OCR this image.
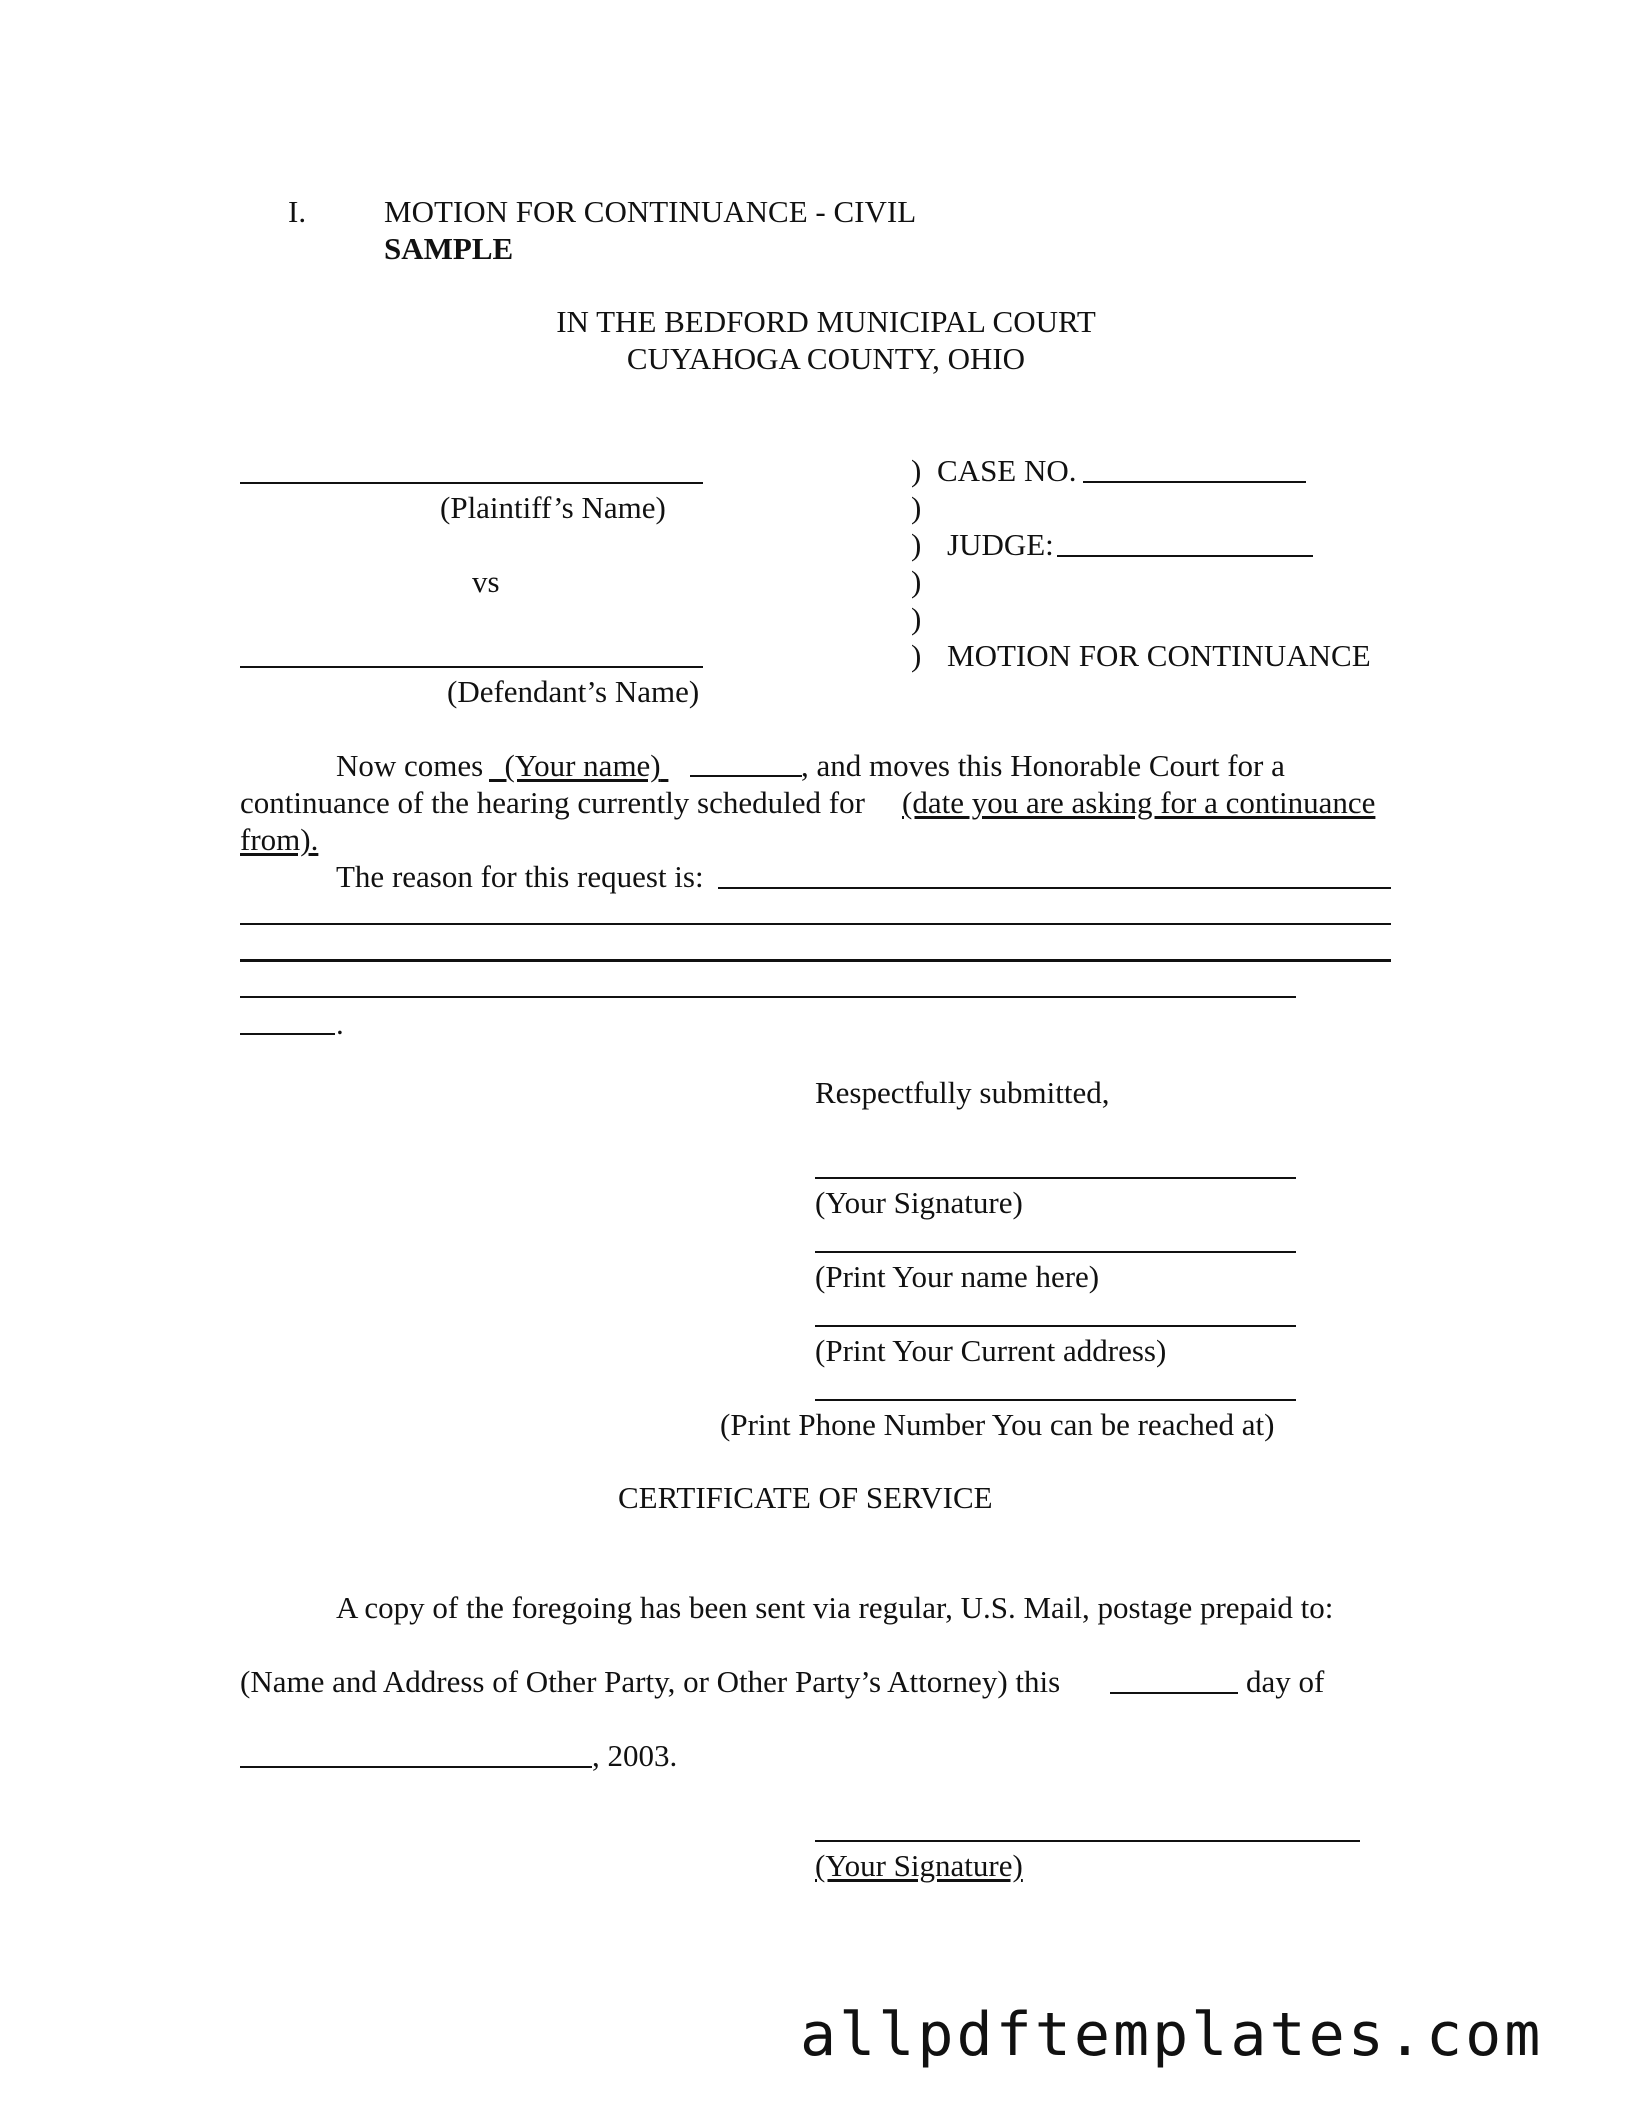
I.	MOTION FOR CONTINUANCE - CIVIL
SAMPLE
IN THE BEDFORD MUNICIPAL COURT
CUYAHOGA COUNTY, OHIO
(Plaintiff’s Name)
vs
(Defendant’s Name)
) CASE NO.
)
) JUDGE:
)
)
) MOTION FOR CONTINUANCE
Now comes (Your name)	, and moves this Honorable Court for a
continuance of the hearing currently scheduled for (date you are asking for a continuance
from).
The reason for this request is:
.
Respectfully submitted,
(Your Signature)
(Print Your name here)
(Print Your Current address)
(Print Phone Number You can be reached at)
CERTIFICATE OF SERVICE
A copy of the foregoing has been sent via regular, U.S. Mail, postage prepaid to:
(Name and Address of Other Party, or Other Party’s Attorney) this	day of
, 2003.
(Your Signature)
allpdftemplates.com
